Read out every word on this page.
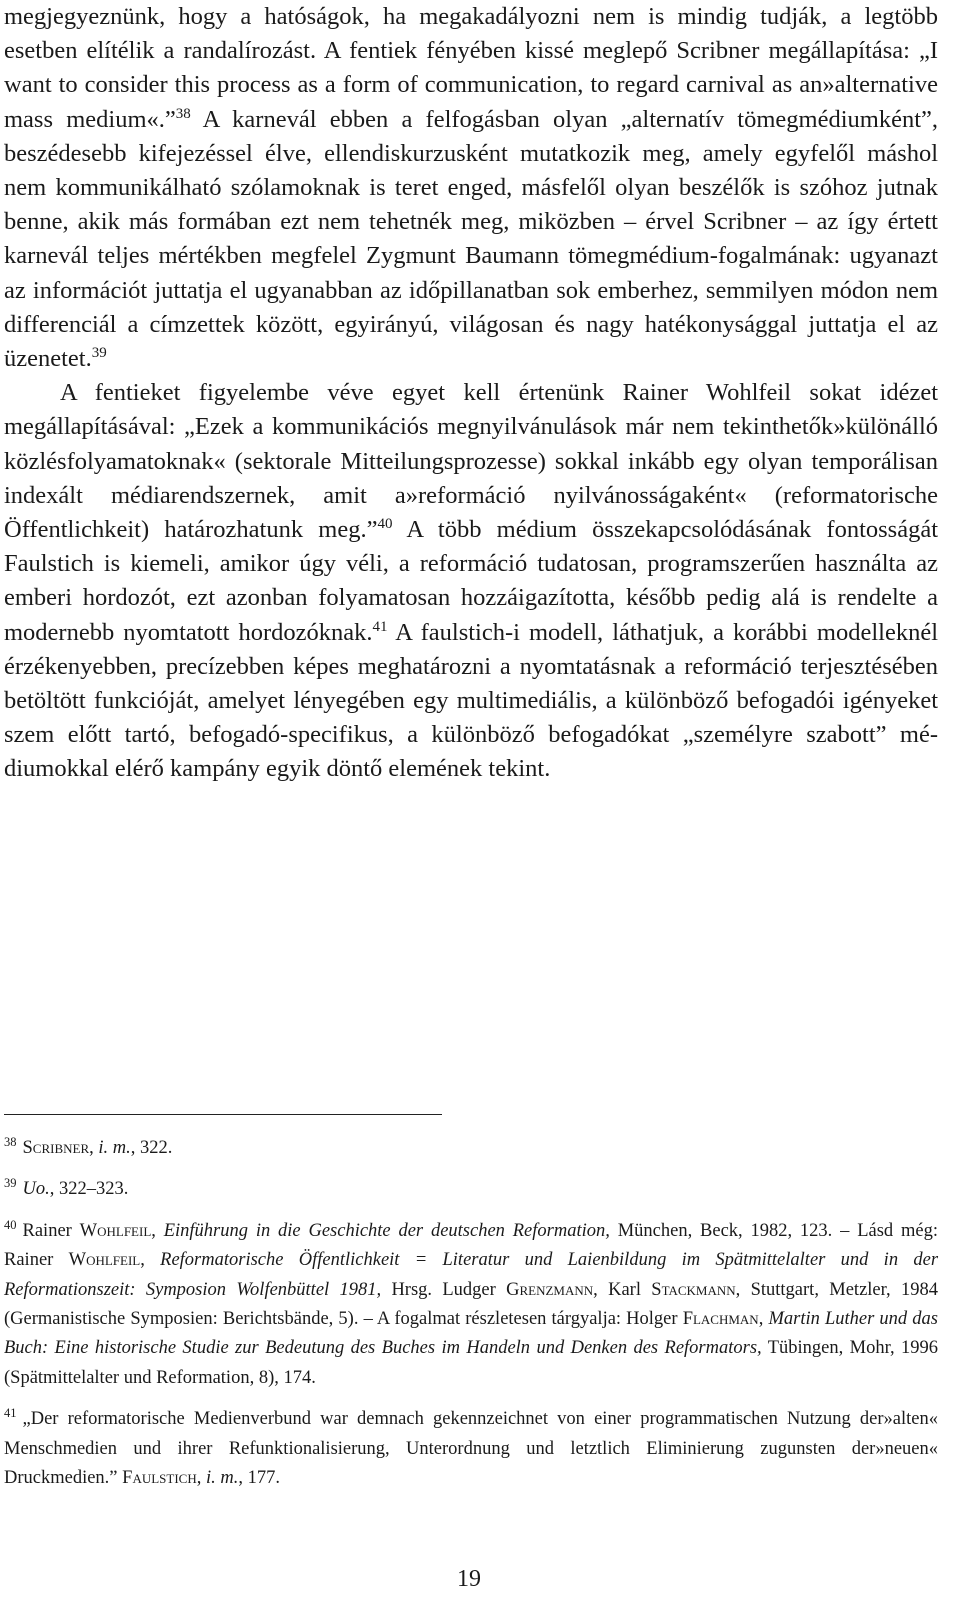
megjegyeznünk, hogy a hatóságok, ha megakadályozni nem is mindig tudják, a legtöbb esetben elítélik a randalírozást. A fentiek fényében kissé meglepő Scribner megállapítása: „I want to consider this process as a form of communication, to regard carnival as an»alternative mass medium«.”$^{38}$ A karnevál ebben a felfogásban olyan „alternatív tömegmédiumként”, beszédesebb kifejezéssel élve, ellendiskurzusként mutatkozik meg, amely egyfelől máshol nem kommunikálható szólamoknak is teret enged, másfelől olyan beszélők is szóhoz jutnak benne, akik más formában ezt nem tehetnék meg, miközben – érvel Scribner – az így értett karnevál teljes mértékben megfelel Zygmunt Baumann tömegmédium-fogalmának: ugyanazt az információt juttatja el ugyanabban az időpillanatban sok emberhez, semmilyen módon nem differenciál a címzettek között, egyirányú, világosan és nagy hatékonysággal juttatja el az üzenetet.$^{39}$

A fentieket figyelembe véve egyet kell értenünk Rainer Wohlfeil sokat idézet megállapításával: „Ezek a kommunikációs megnyilvánulások már nem tekinthetők»különálló közlésfolyamatoknak« (sektorale Mitteilungsprozesse) sokkal inkább egy olyan temporálisan indexált médiarendszernek, amit a»reformáció nyilvánosságaként« (reformatorische Öffentlichkeit) határozhatunk meg.”$^{40}$ A több médium összekapcsolódásának fontosságát Faulstich is kiemeli, amikor úgy véli, a reformáció tudatosan, programszerűen használta az emberi hordozót, ezt azonban folyamatosan hozzáigazította, később pedig alá is rendelte a modernebb nyomtatott hordozóknak.$^{41}$ A faulstich-i modell, láthatjuk, a korábbi modelleknél érzékenyebben, precízebben képes meghatározni a nyomtatásnak a reformáció terjesztésében betöltött funkcióját, amelyet lényegében egy multimediális, a különböző befogadói igényeket szem előtt tartó, befogadó-specifikus, a különböző befogadókat „személyre szabott” médiumokkal elérő kampány egyik döntő elemének tekint.

$^{38}$ Scribner, i. m., 322.

$^{39}$ Uo., 322–323.

$^{40}$ Rainer Wohlfeil, Einführung in die Geschichte der deutschen Reformation, München, Beck, 1982, 123. – Lásd még: Rainer Wohlfeil, Reformatorische Öffentlichkeit = Literatur und Laienbildung im Spätmittelalter und in der Reformationszeit: Symposion Wolfenbüttel 1981, Hrsg. Ludger Grenzmann, Karl Stackmann, Stuttgart, Metzler, 1984 (Germanistische Symposien: Berichtsbände, 5). – A fogalmat részletesen tárgyalja: Holger Flachman, Martin Luther und das Buch: Eine historische Studie zur Bedeutung des Buches im Handeln und Denken des Reformators, Tübingen, Mohr, 1996 (Spätmittelalter und Reformation, 8), 174.

$^{41}$ „Der reformatorische Medienverbund war demnach gekennzeichnet von einer programmatischen Nutzung der»alten« Menschmedien und ihrer Refunktionalisierung, Unterordnung und letztlich Eliminierung zugunsten der»neuen« Druckmedien.” Faulstich, i. m., 177.

19
